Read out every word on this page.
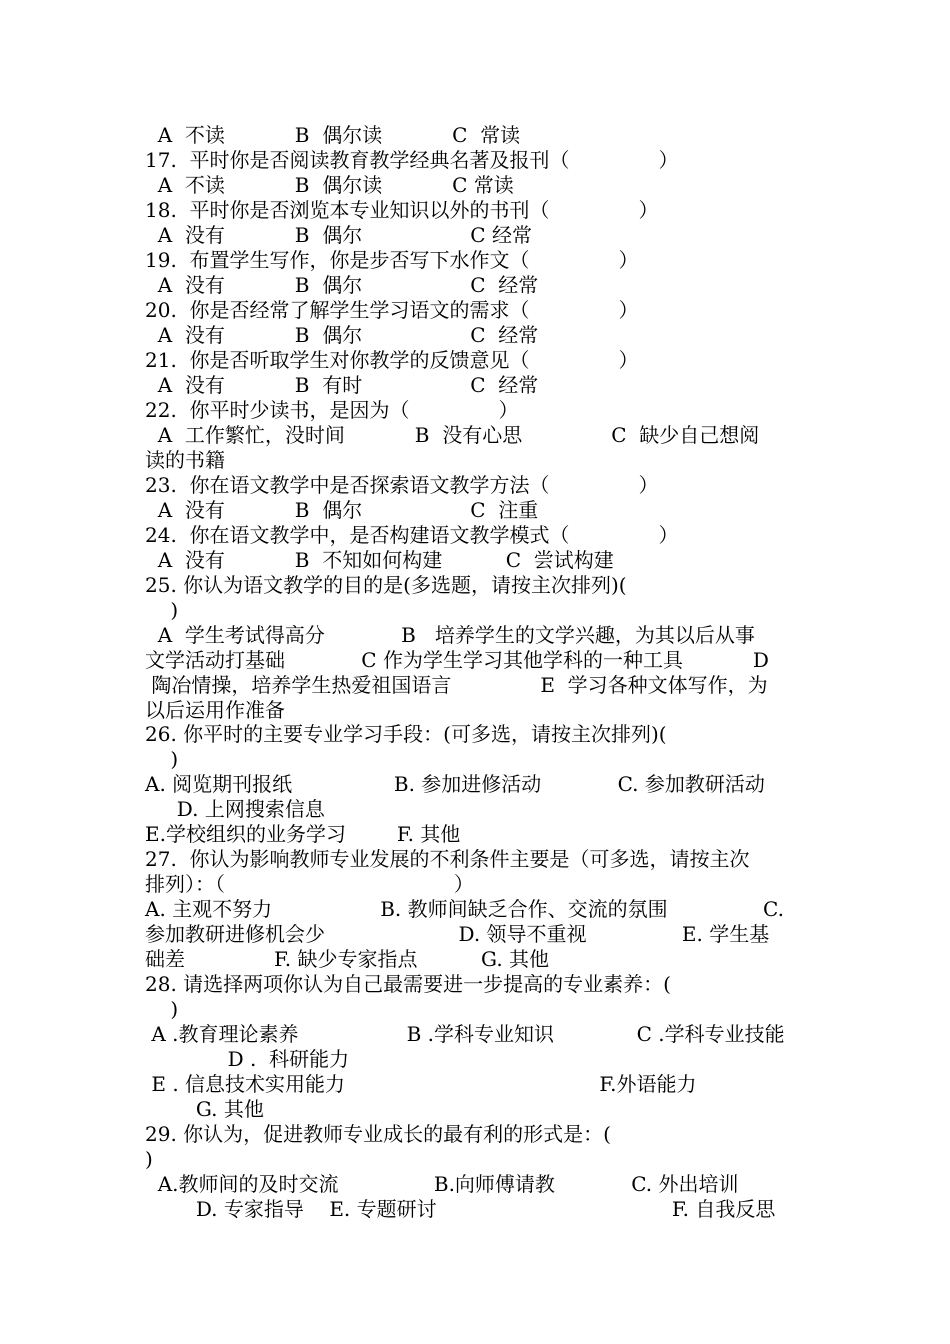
A  不读           B  偶尔读           C  常读
17.  平时你是否阅读教育教学经典名著及报刊（              ）
A  不读           B  偶尔读           C 常读
18.  平时你是否浏览本专业知识以外的书刊（              ）
A  没有           B  偶尔                 C 经常
19.  布置学生写作，你是步否写下水作文（              ）
A  没有           B  偶尔                 C  经常
20.  你是否经常了解学生学习语文的需求（              ）
A  没有           B  偶尔                 C  经常
21.  你是否听取学生对你教学的反馈意见（              ）
A  没有           B  有时                 C  经常
22.  你平时少读书，是因为（              ）
A  工作繁忙，没时间           B  没有心思              C  缺少自己想阅
读的书籍
23.  你在语文教学中是否探索语文教学方法（              ）
A  没有           B  偶尔                 C  注重
24.  你在语文教学中，是否构建语文教学模式（              ）
A  没有           B  不知如何构建          C  尝试构建
25. 你认为语文教学的目的是(多选题，请按主次排列)(
)
A  学生考试得高分            B   培养学生的文学兴趣，为其以后从事
文学活动打基础            C 作为学生学习其他学科的一种工具           D
陶冶情操，培养学生热爱祖国语言              E  学习各种文体写作，为
以后运用作准备
26. 你平时的主要专业学习手段：(可多选，请按主次排列)(
)
A. 阅览期刊报纸                B. 参加进修活动            C. 参加教研活动
D. 上网搜索信息
E.学校组织的业务学习        F. 其他
27.  你认为影响教师专业发展的不利条件主要是（可多选，请按主次
排列）：（                                    ）
A. 主观不努力                 B. 教师间缺乏合作、交流的氛围               C.
参加教研进修机会少                     D. 领导不重视               E. 学生基
础差              F. 缺少专家指点          G. 其他
28. 请选择两项你认为自己最需要进一步提高的专业素养：(
)
A .教育理论素养                 B .学科专业知识             C .学科专业技能
D .  科研能力
E . 信息技术实用能力                                        F.外语能力
G. 其他
29. 你认为，促进教师专业成长的最有利的形式是：(
)
A.教师间的及时交流               B.向师傅请教            C. 外出培训
D. 专家指导    E. 专题研讨                                     F. 自我反思
